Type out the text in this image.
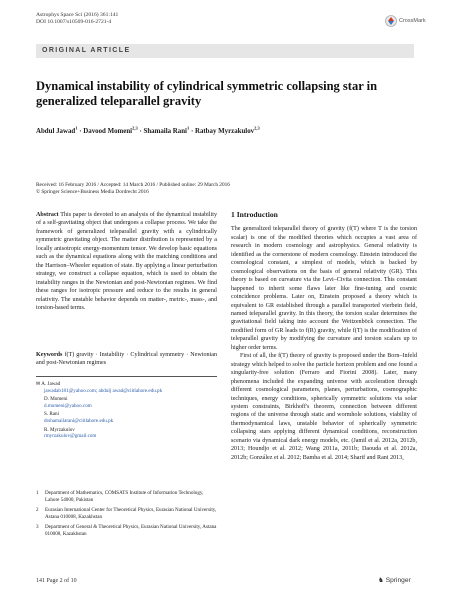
Astrophys Space Sci (2016) 361:141
DOI 10.1007/s10509-016-2721-4	CrossMark
ORIGINAL ARTICLE
Dynamical instability of cylindrical symmetric collapsing star in generalized teleparallel gravity
Abdul Jawad$^1$ · Davood Momeni$^{2,3}$ · Shamaila Rani$^1$ · Ratbay Myrzakulov$^{2,3}$
Received: 16 February 2016 / Accepted: 14 March 2016 / Published online: 29 March 2016
© Springer Science+Business Media Dordrecht 2016
Abstract This paper is devoted to an analysis of the dynamical instability of a self-gravitating object that undergoes a collapse process. We take the framework of generalized teleparallel gravity with a cylindrically symmetric gravitating object. The matter distribution is represented by a locally anisotropic energy-momentum tensor. We develop basic equations such as the dynamical equations along with the matching conditions and the Harrison–Wheeler equation of state. By applying a linear perturbation strategy, we construct a collapse equation, which is used to obtain the instability ranges in the Newtonian and post-Newtonian regimes. We find these ranges for isotropic pressure and reduce to the results in general relativity. The unstable behavior depends on matter-, metric-, mass-, and torsion-based terms.
Keywords f(T) gravity · Instability · Cylindrical symmetry · Newtonian and post-Newtonian regimes
✉ A. Jawad
jawadab181@yahoo.com; abdulj awad@ciitlahore.edu.pk
D. Momeni
d.momeni@yahoo.com
S. Rani
drshamailarani@ciitlahore.edu.pk
R. Myrzakulov
rmyrzakulov@gmail.com
1	Department of Mathematics, COMSATS Institute of Information Technology, Lahore 54000, Pakistan
2	Eurasian International Center for Theoretical Physics, Eurasian National University, Astana 010008, Kazakhstan
3	Department of General & Theoretical Physics, Eurasian National University, Astana 010008, Kazakhstan
1 Introduction
The generalized teleparallel theory of gravity (f(T) where T is the torsion scalar) is one of the modified theories which occupies a vast area of research in modern cosmology and astrophysics. General relativity is identified as the cornerstone of modern cosmology. Einstein introduced the cosmological constant, a simplest of models, which is backed by cosmological observations on the basis of general relativity (GR). This theory is based on curvature via the Levi–Civita connection. This constant happened to inherit some flaws later like fine-tuning and cosmic coincidence problems. Later on, Einstein proposed a theory which is equivalent to GR established through a parallel transported vierbein field, named teleparallel gravity. In this theory, the torsion scalar determines the gravitational field taking into account the Weitzenböck connection. The modified form of GR leads to f(R) gravity, while f(T) is the modification of teleparallel gravity by modifying the curvature and torsion scalars up to higher order terms.
First of all, the f(T) theory of gravity is proposed under the Born–Infeld strategy which helped to solve the particle horizon problem and one found a singularity-free solution (Ferraro and Fiorini 2008). Later, many phenomena included the expanding universe with acceleration through different cosmological parameters, planes, perturbations, cosmographic techniques, energy conditions, spherically symmetric solutions via solar system constraints, Birkhoff's theorem, connection between different regions of the universe through static and wormhole solutions, viability of thermodynamical laws, unstable behavior of spherically symmetric collapsing stars applying different dynamical conditions, reconstruction scenario via dynamical dark energy models, etc. (Jamil et al. 2012a, 2012b, 2013; Houndjo et al. 2012; Wang 2011a, 2011b; Daouda et al. 2012a, 2012b; González et al. 2012; Bamba et al. 2014; Sharif and Rani 2013,
141 Page 2 of 10	♞ Springer
